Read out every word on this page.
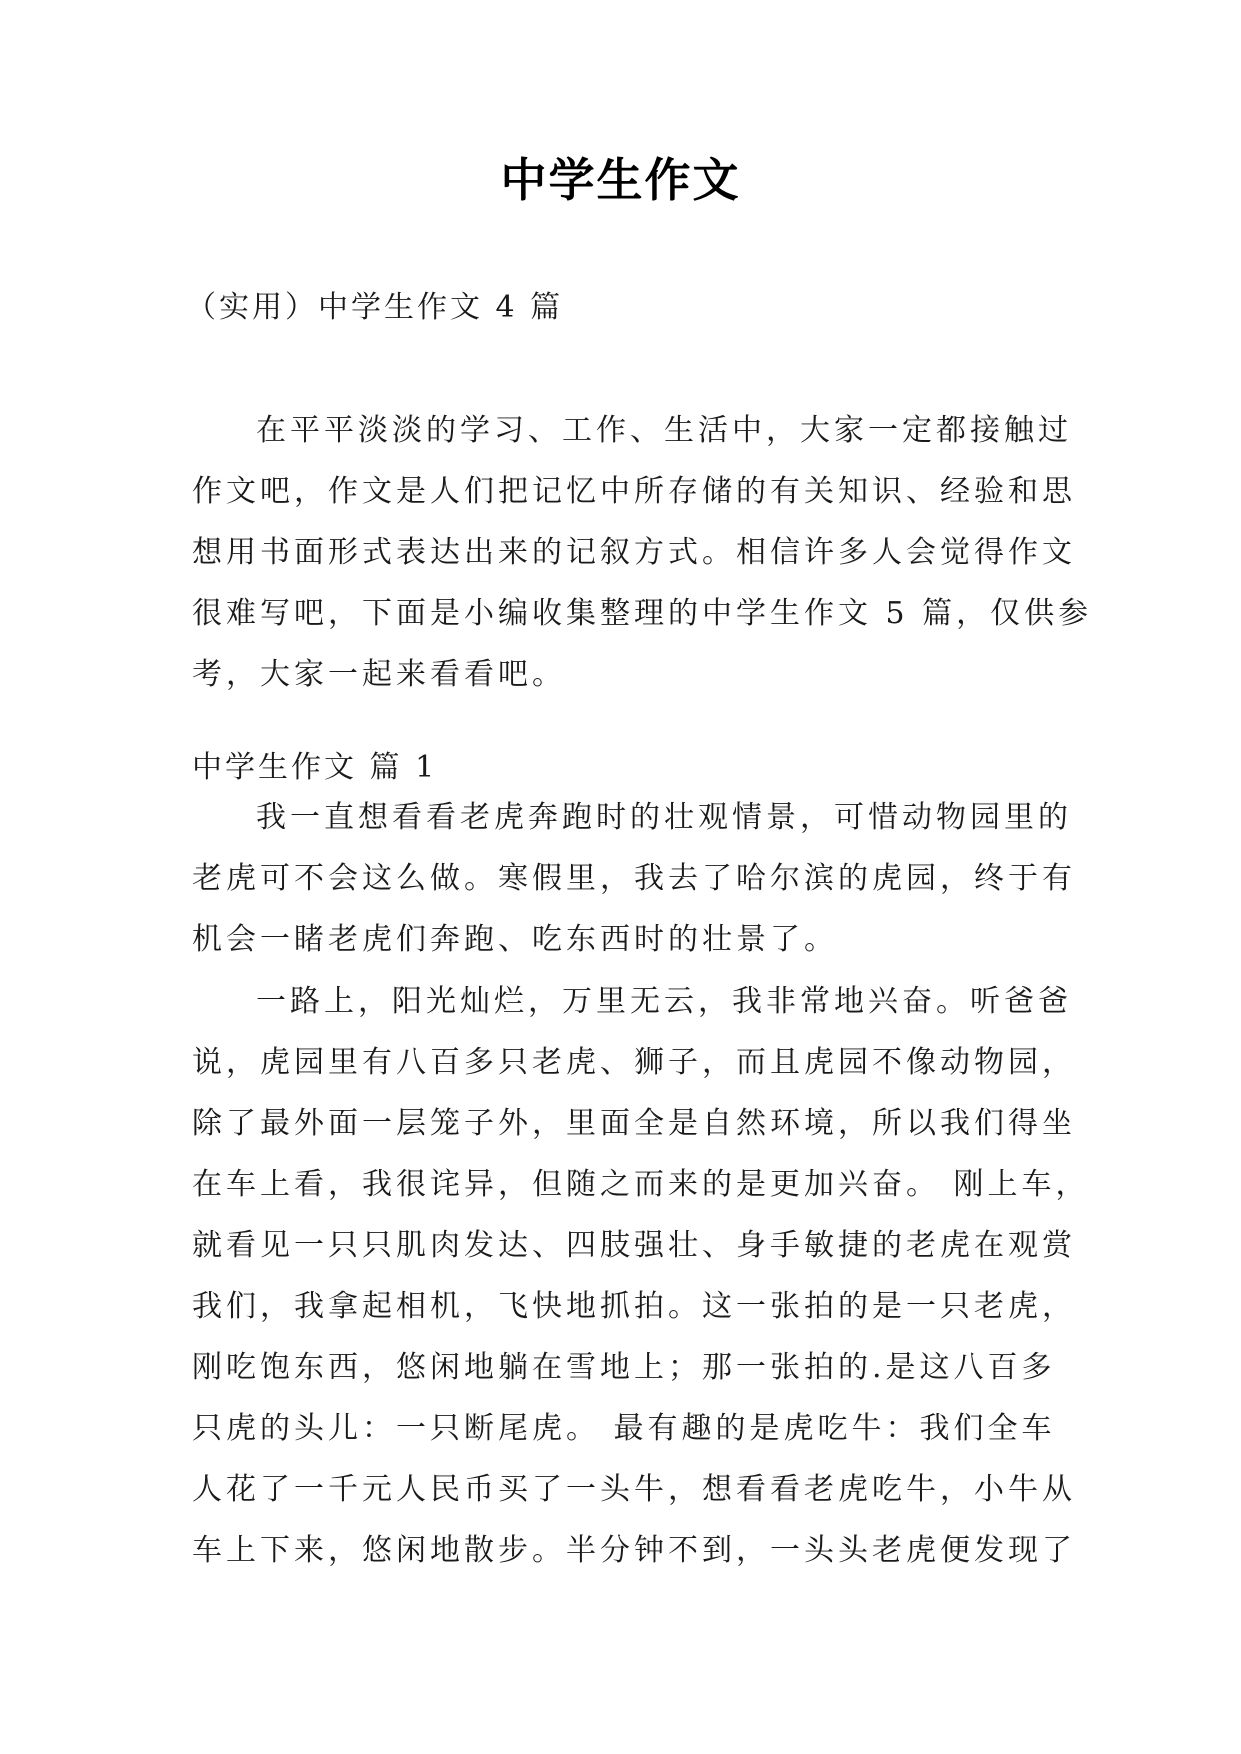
中学生作文
（实用）中学生作文 4 篇
在平平淡淡的学习、工作、生活中，大家一定都接触过
作文吧，作文是人们把记忆中所存储的有关知识、经验和思
想用书面形式表达出来的记叙方式。相信许多人会觉得作文
很难写吧，下面是小编收集整理的中学生作文 5 篇，仅供参
考，大家一起来看看吧。
中学生作文 篇 1
我一直想看看老虎奔跑时的壮观情景，可惜动物园里的
老虎可不会这么做。寒假里，我去了哈尔滨的虎园，终于有
机会一睹老虎们奔跑、吃东西时的壮景了。
一路上，阳光灿烂，万里无云，我非常地兴奋。听爸爸
说，虎园里有八百多只老虎、狮子，而且虎园不像动物园，
除了最外面一层笼子外，里面全是自然环境，所以我们得坐
在车上看，我很诧异，但随之而来的是更加兴奋。 刚上车，
就看见一只只肌肉发达、四肢强壮、身手敏捷的老虎在观赏
我们，我拿起相机，飞快地抓拍。这一张拍的是一只老虎，
刚吃饱东西，悠闲地躺在雪地上；那一张拍的.是这八百多
只虎的头儿：一只断尾虎。 最有趣的是虎吃牛：我们全车
人花了一千元人民币买了一头牛，想看看老虎吃牛，小牛从
车上下来，悠闲地散步。半分钟不到，一头头老虎便发现了
